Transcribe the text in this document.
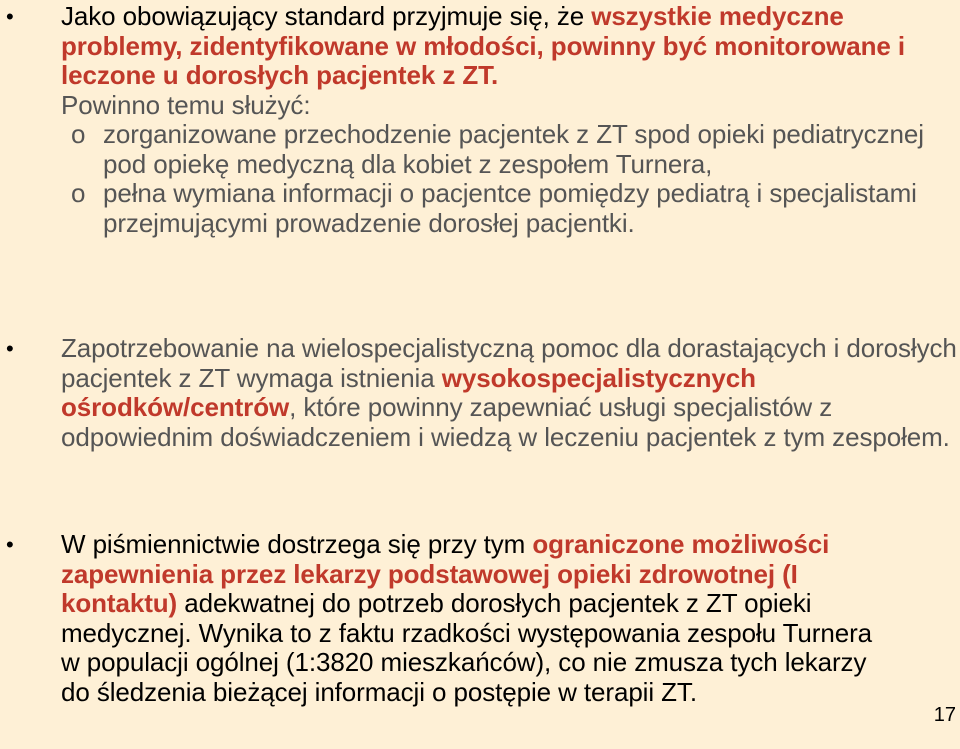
• Jako obowiązujący standard przyjmuje się, że wszystkie medyczne problemy, zidentyfikowane w młodości, powinny być monitorowane i leczone u dorosłych pacjentek z ZT.
Powinno temu służyć:
o zorganizowane przechodzenie pacjentek z ZT spod opieki pediatrycznej pod opiekę medyczną dla kobiet z zespołem Turnera,
o pełna wymiana informacji o pacjentce pomiędzy pediatrą i specjalistami przejmującymi prowadzenie dorosłej pacjentki.
• Zapotrzebowanie na wielospecjalistyczną pomoc dla dorastających i dorosłych pacjentek z ZT wymaga istnienia wysokospecjalistycznych ośrodków/centrów, które powinny zapewniać usługi specjalistów z odpowiednim doświadczeniem i wiedzą w leczeniu pacjentek z tym zespołem.
• W piśmiennictwie dostrzega się przy tym ograniczone możliwości zapewnienia przez lekarzy podstawowej opieki zdrowotnej (I kontaktu) adekwatnej do potrzeb dorosłych pacjentek z ZT opieki medycznej. Wynika to z faktu rzadkości występowania zespołu Turnera w populacji ogólnej (1:3820 mieszkańców), co nie zmusza tych lekarzy do śledzenia bieżącej informacji o postępie w terapii ZT.
17
